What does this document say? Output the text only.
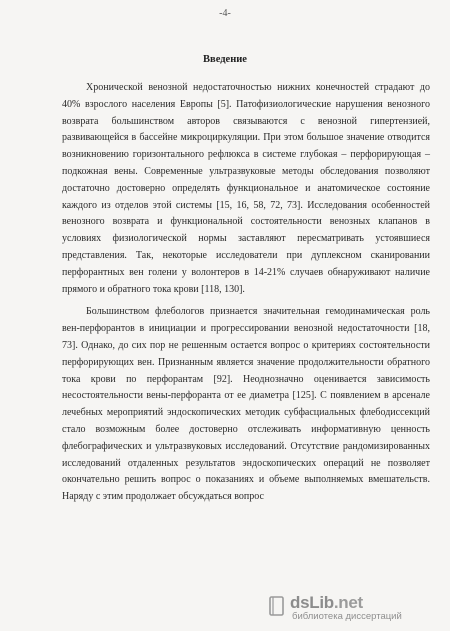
-4-
Введение

Хронической венозной недостаточностью нижних конечностей страдают до 40% взрослого населения Европы [5]. Патофизиологические нарушения венозного возврата большинством авторов связываются с венозной гипертензией, развивающейся в бассейне микроциркуляции. При этом большое значение отводится возникновению горизонтального рефлюкса в системе глубокая – перфорирующая – подкожная вены. Современные ультразвуковые методы обследования позволяют достаточно достоверно определять функциональное и анатомическое состояние каждого из отделов этой системы [15, 16, 58, 72, 73]. Исследования особенностей венозного возврата и функциональной состоятельности венозных клапанов в условиях физиологической нормы заставляют пересматривать устоявшиеся представления. Так, некоторые исследователи при дуплексном сканировании перфорантных вен голени у волонтеров в 14-21% случаев обнаруживают наличие прямого и обратного тока крови [118, 130].

Большинством флебологов признается значительная гемодинамическая роль вен-перфорантов в инициации и прогрессировании венозной недостаточности [18, 73]. Однако, до сих пор не решенным остается вопрос о критериях состоятельности перфорирующих вен. Признанным является значение продолжительности обратного тока крови по перфорантам [92]. Неоднозначно оценивается зависимость несостоятельности вены-перфоранта от ее диаметра [125]. С появлением в арсенале лечебных мероприятий эндоскопических методик субфасциальных флебодиссекций стало возможным более достоверно отслеживать информативную ценность флебографических и ультразвуковых исследований. Отсутствие рандомизированных исследований отдаленных результатов эндоскопических операций не позволяет окончательно решить вопрос о показаниях и объеме выполняемых вмешательств. Наряду с этим продолжает обсуждаться вопрос

dsLib.net
библиотека диссертаций
